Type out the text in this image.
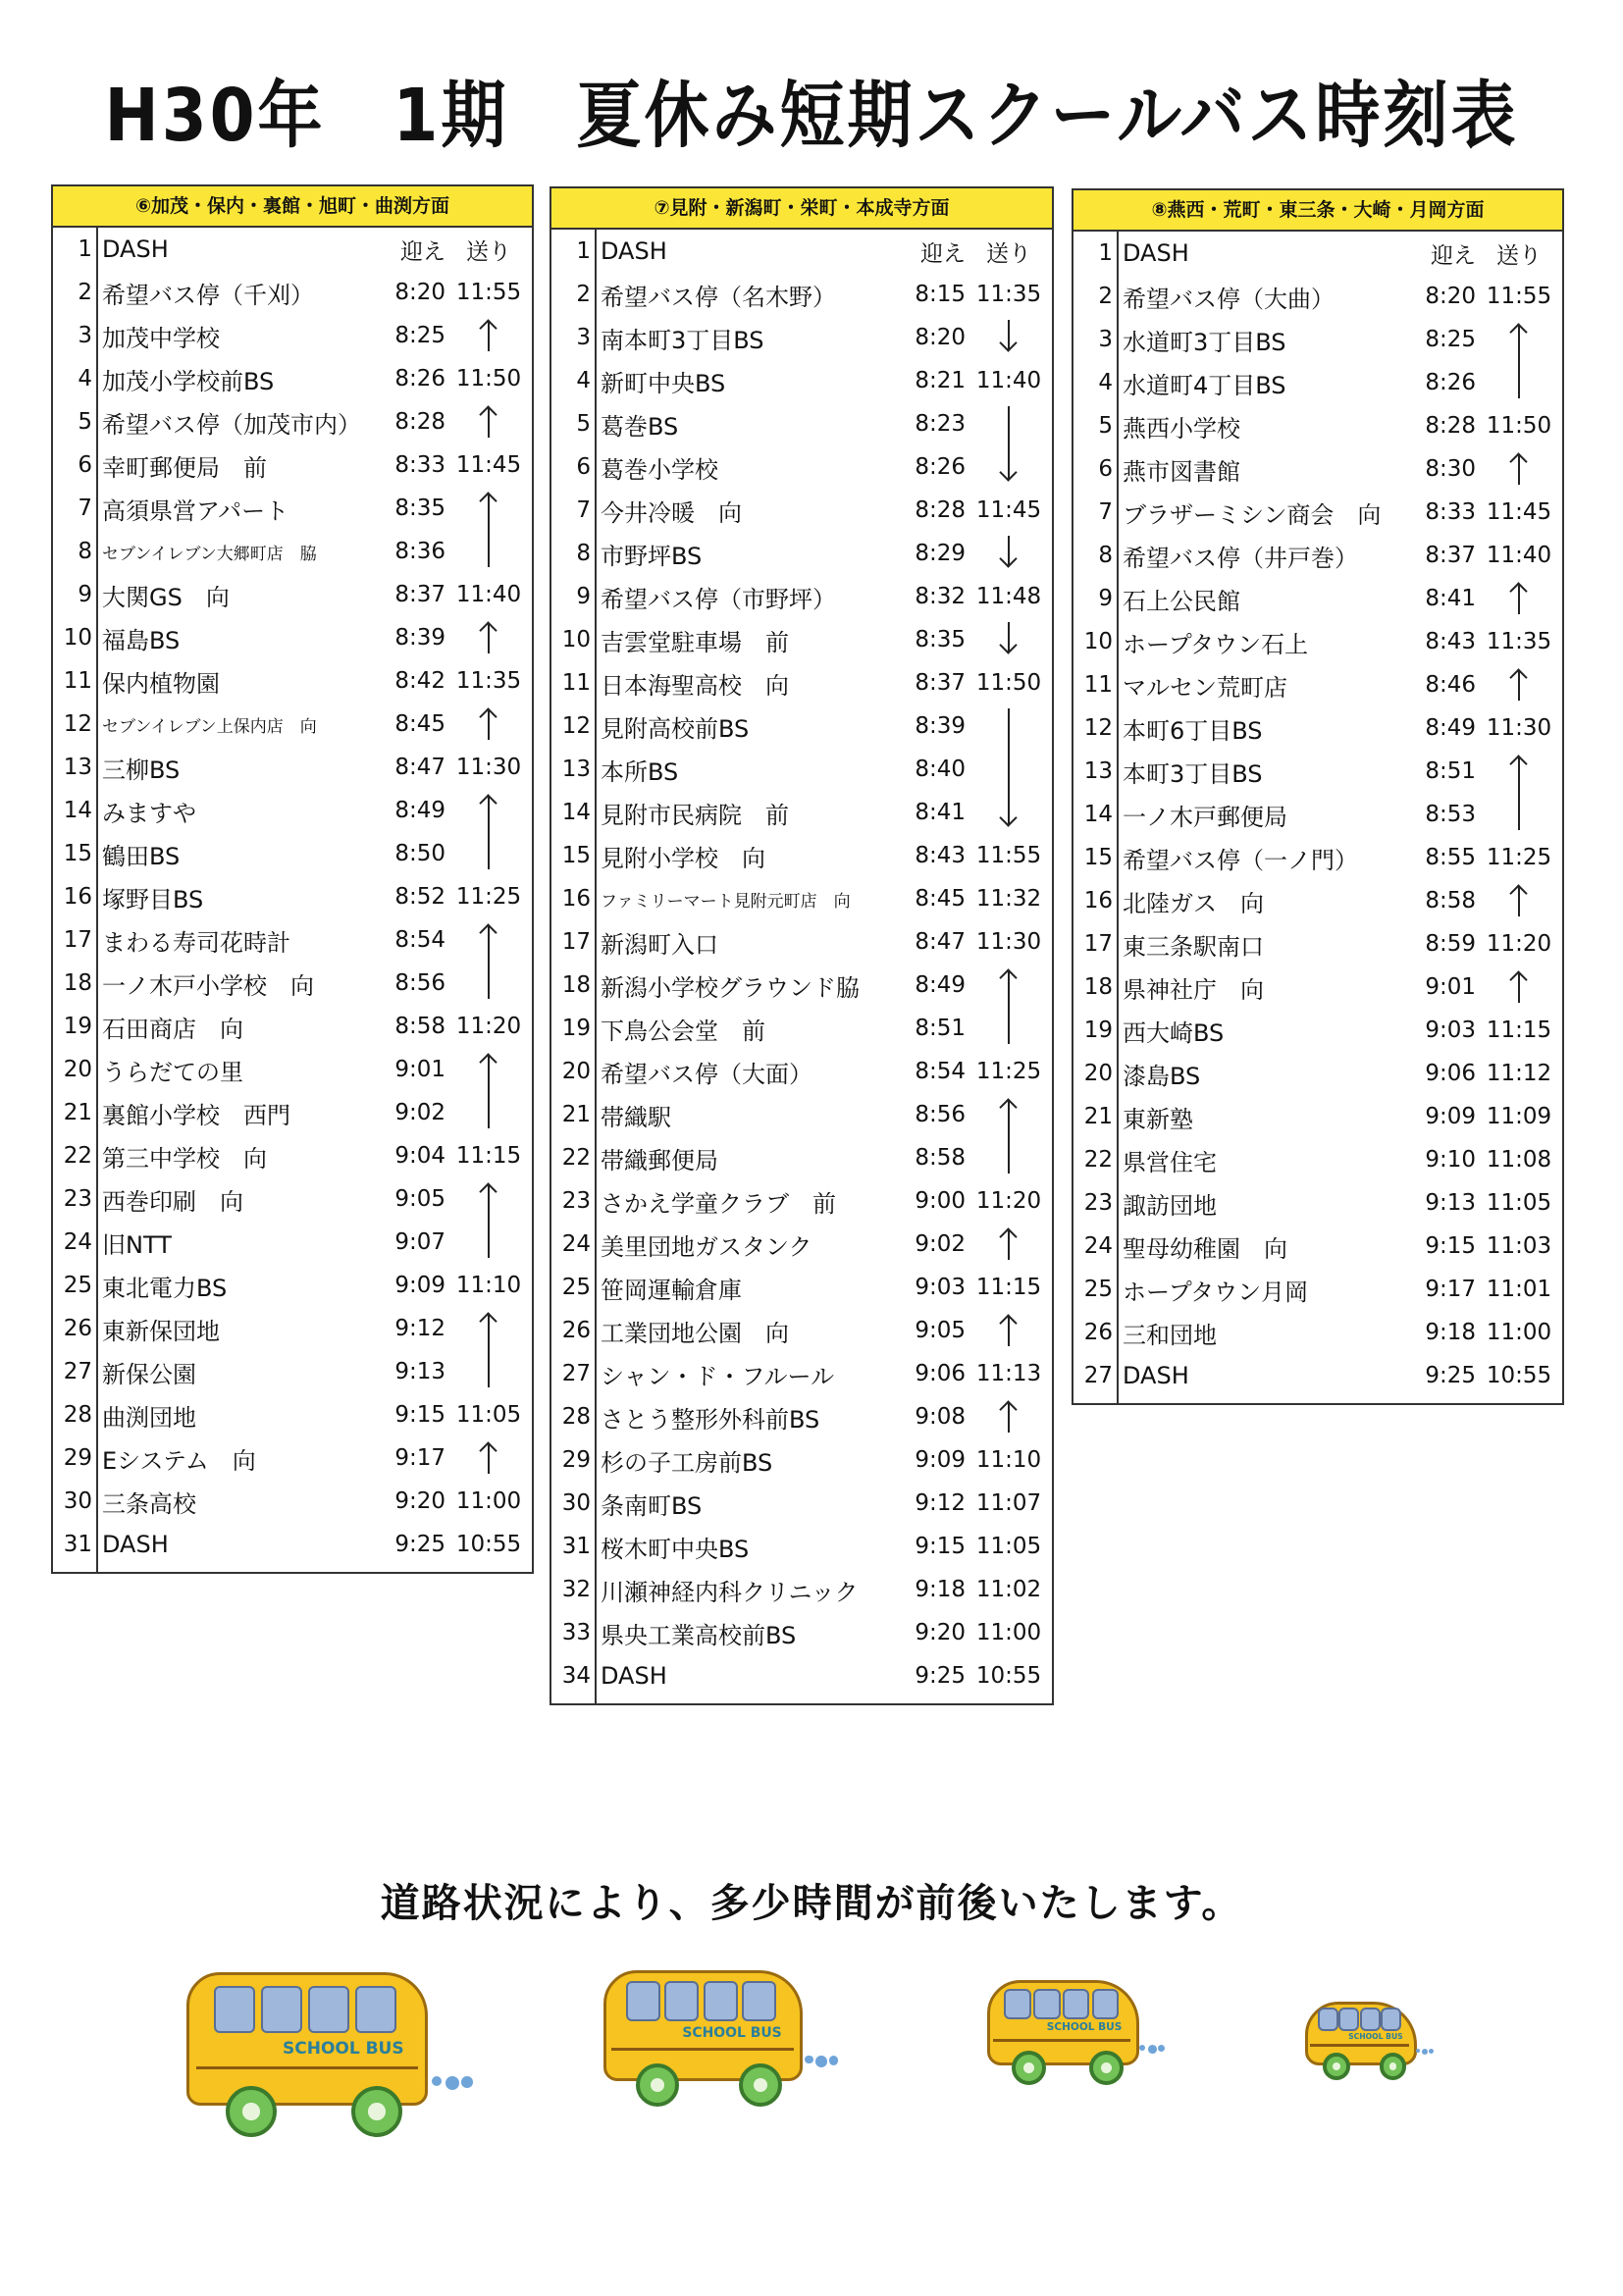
H30年　1期　夏休み短期スクールバス時刻表
⑥加茂・保内・裏館・旭町・曲渕方面
1	DASH	迎え	送り
2	希望バス停（千刈）	8:20	11:55
3	加茂中学校	8:25	

4	加茂小学校前BS	8:26	11:50
5	希望バス停（加茂市内）	8:28	

6	幸町郵便局　前	8:33	11:45
7	高須県営アパート	8:35	

8	セブンイレブン大郷町店　脇	8:36	
9	大関GS　向	8:37	11:40
10	福島BS	8:39	

11	保内植物園	8:42	11:35
12	セブンイレブン上保内店　向	8:45	

13	三柳BS	8:47	11:30
14	みますや	8:49	

15	鶴田BS	8:50	
16	塚野目BS	8:52	11:25
17	まわる寿司花時計	8:54	

18	一ノ木戸小学校　向	8:56	
19	石田商店　向	8:58	11:20
20	うらだての里	9:01	

21	裏館小学校　西門	9:02	
22	第三中学校　向	9:04	11:15
23	西巻印刷　向	9:05	

24	旧NTT	9:07	
25	東北電力BS	9:09	11:10
26	東新保団地	9:12	

27	新保公園	9:13	
28	曲渕団地	9:15	11:05
29	Eシステム　向	9:17	

30	三条高校	9:20	11:00
31	DASH	9:25	10:55
⑦見附・新潟町・栄町・本成寺方面
1	DASH	迎え	送り
2	希望バス停（名木野）	8:15	11:35
3	南本町3丁目BS	8:20	

4	新町中央BS	8:21	11:40
5	葛巻BS	8:23	

6	葛巻小学校	8:26	
7	今井冷暖　向	8:28	11:45
8	市野坪BS	8:29	

9	希望バス停（市野坪）	8:32	11:48
10	吉雲堂駐車場　前	8:35	

11	日本海聖高校　向	8:37	11:50
12	見附高校前BS	8:39	

13	本所BS	8:40	
14	見附市民病院　前	8:41	
15	見附小学校　向	8:43	11:55
16	ファミリーマート見附元町店　向	8:45	11:32
17	新潟町入口	8:47	11:30
18	新潟小学校グラウンド脇	8:49	

19	下鳥公会堂　前	8:51	
20	希望バス停（大面）	8:54	11:25
21	帯織駅	8:56	

22	帯織郵便局	8:58	
23	さかえ学童クラブ　前	9:00	11:20
24	美里団地ガスタンク	9:02	

25	笹岡運輸倉庫	9:03	11:15
26	工業団地公園　向	9:05	

27	シャン・ド・フルール	9:06	11:13
28	さとう整形外科前BS	9:08	

29	杉の子工房前BS	9:09	11:10
30	条南町BS	9:12	11:07
31	桜木町中央BS	9:15	11:05
32	川瀬神経内科クリニック	9:18	11:02
33	県央工業高校前BS	9:20	11:00
34	DASH	9:25	10:55
⑧燕西・荒町・東三条・大崎・月岡方面
1	DASH	迎え	送り
2	希望バス停（大曲）	8:20	11:55
3	水道町3丁目BS	8:25	

4	水道町4丁目BS	8:26	
5	燕西小学校	8:28	11:50
6	燕市図書館	8:30	

7	ブラザーミシン商会　向	8:33	11:45
8	希望バス停（井戸巻）	8:37	11:40
9	石上公民館	8:41	

10	ホープタウン石上	8:43	11:35
11	マルセン荒町店	8:46	

12	本町6丁目BS	8:49	11:30
13	本町3丁目BS	8:51	

14	一ノ木戸郵便局	8:53	
15	希望バス停（一ノ門）	8:55	11:25
16	北陸ガス　向	8:58	

17	東三条駅南口	8:59	11:20
18	県神社庁　向	9:01	

19	西大崎BS	9:03	11:15
20	漆島BS	9:06	11:12
21	東新塾	9:09	11:09
22	県営住宅	9:10	11:08
23	諏訪団地	9:13	11:05
24	聖母幼稚園　向	9:15	11:03
25	ホープタウン月岡	9:17	11:01
26	三和団地	9:18	11:00
27	DASH	9:25	10:55
道路状況により、多少時間が前後いたします。
SCHOOL BUS
SCHOOL BUS	SCHOOL BUS
SCHOOL BUS
